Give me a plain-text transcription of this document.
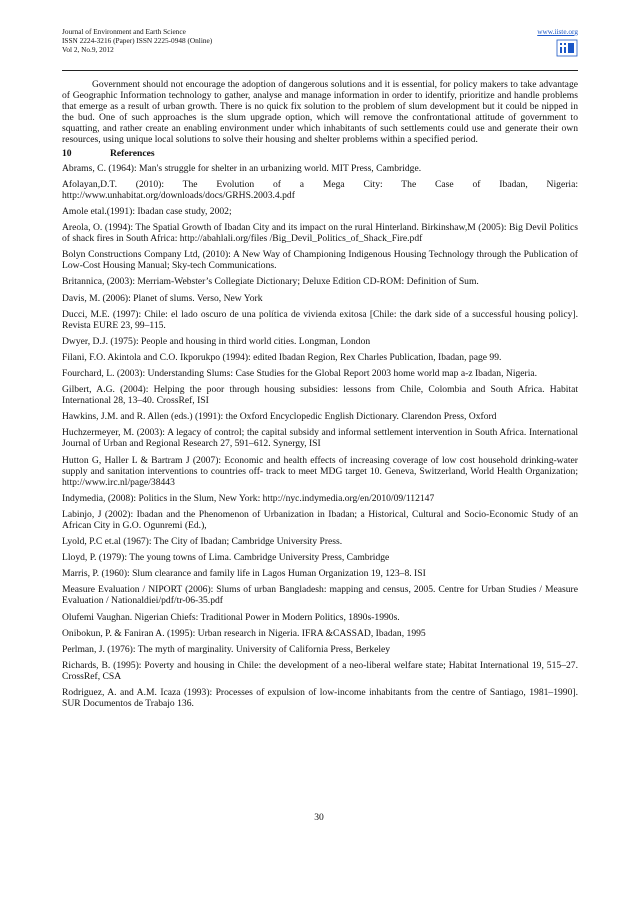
Journal of Environment and Earth Science
ISSN 2224-3216 (Paper) ISSN 2225-0948 (Online)
Vol 2, No.9, 2012
www.iiste.org

Government should not encourage the adoption of dangerous solutions and it is essential, for policy makers to take advantage of Geographic Information technology to gather, analyse and manage information in order to identify, prioritize and handle problems that emerge as a result of urban growth. There is no quick fix solution to the problem of slum development but it could be nipped in the bud. One of such approaches is the slum upgrade option, which will remove the confrontational attitude of government to squatting, and rather create an enabling environment under which inhabitants of such settlements could use and generate their own resources, using unique local solutions to solve their housing and shelter problems within a specified period.

10	References

Abrams, C. (1964): Man's struggle for shelter in an urbanizing world. MIT Press, Cambridge.

Afolayan,D.T. (2010): The Evolution of a Mega City: The Case of Ibadan, Nigeria: http://www.unhabitat.org/downloads/docs/GRHS.2003.4.pdf

Amole etal.(1991): Ibadan case study, 2002;

Areola, O. (1994): The Spatial Growth of Ibadan City and its impact on the rural Hinterland. Birkinshaw,M (2005): Big Devil Politics of shack fires in South Africa: http://abahlali.org/files /Big_Devil_Politics_of_Shack_Fire.pdf

Bolyn Constructions Company Ltd, (2010): A New Way of Championing Indigenous Housing Technology through the Publication of Low-Cost Housing Manual; Sky-tech Communications.

Britannica, (2003): Merriam-Webster’s Collegiate Dictionary; Deluxe Edition CD-ROM: Definition of Sum.

Davis, M. (2006): Planet of slums. Verso, New York

Ducci, M.E. (1997): Chile: el lado oscuro de una política de vivienda exitosa [Chile: the dark side of a successful housing policy]. Revista EURE 23, 99–115.

Dwyer, D.J. (1975): People and housing in third world cities. Longman, London

Filani, F.O. Akintola and C.O. Ikporukpo (1994): edited Ibadan Region, Rex Charles Publication, Ibadan, page 99.

Fourchard, L. (2003): Understanding Slums: Case Studies for the Global Report 2003 home world map a-z Ibadan, Nigeria.

Gilbert, A.G. (2004): Helping the poor through housing subsidies: lessons from Chile, Colombia and South Africa. Habitat International 28, 13–40. CrossRef, ISI

Hawkins, J.M. and R. Allen (eds.) (1991): the Oxford Encyclopedic English Dictionary. Clarendon Press, Oxford

Huchzermeyer, M. (2003): A legacy of control; the capital subsidy and informal settlement intervention in South Africa. International Journal of Urban and Regional Research 27, 591–612. Synergy, ISI

Hutton G, Haller L & Bartram J (2007): Economic and health effects of increasing coverage of low cost household drinking-water supply and sanitation interventions to countries off- track to meet MDG target 10. Geneva, Switzerland, World Health Organization; http://www.irc.nl/page/38443

Indymedia, (2008): Politics in the Slum, New York: http://nyc.indymedia.org/en/2010/09/112147

Labinjo, J (2002): Ibadan and the Phenomenon of Urbanization in Ibadan; a Historical, Cultural and Socio-Economic Study of an African City in G.O. Ogunremi (Ed.),

Lyold, P.C et.al (1967): The City of Ibadan; Cambridge University Press.

Lloyd, P. (1979): The young towns of Lima. Cambridge University Press, Cambridge

Marris, P. (1960): Slum clearance and family life in Lagos Human Organization 19, 123–8. ISI

Measure Evaluation / NIPORT (2006): Slums of urban Bangladesh: mapping and census, 2005. Centre for Urban Studies / Measure Evaluation / Nationaldiei/pdf/tr-06-35.pdf

Olufemi Vaughan. Nigerian Chiefs: Traditional Power in Modern Politics, 1890s-1990s.

Onibokun, P. & Faniran A. (1995): Urban research in Nigeria. IFRA &CASSAD, Ibadan, 1995

Perlman, J. (1976): The myth of marginality. University of California Press, Berkeley

Richards, B. (1995): Poverty and housing in Chile: the development of a neo-liberal welfare state; Habitat International 19, 515–27. CrossRef, CSA

Rodriguez, A. and A.M. Icaza (1993): Processes of expulsion of low-income inhabitants from the centre of Santiago, 1981–1990]. SUR Documentos de Trabajo 136.

30
